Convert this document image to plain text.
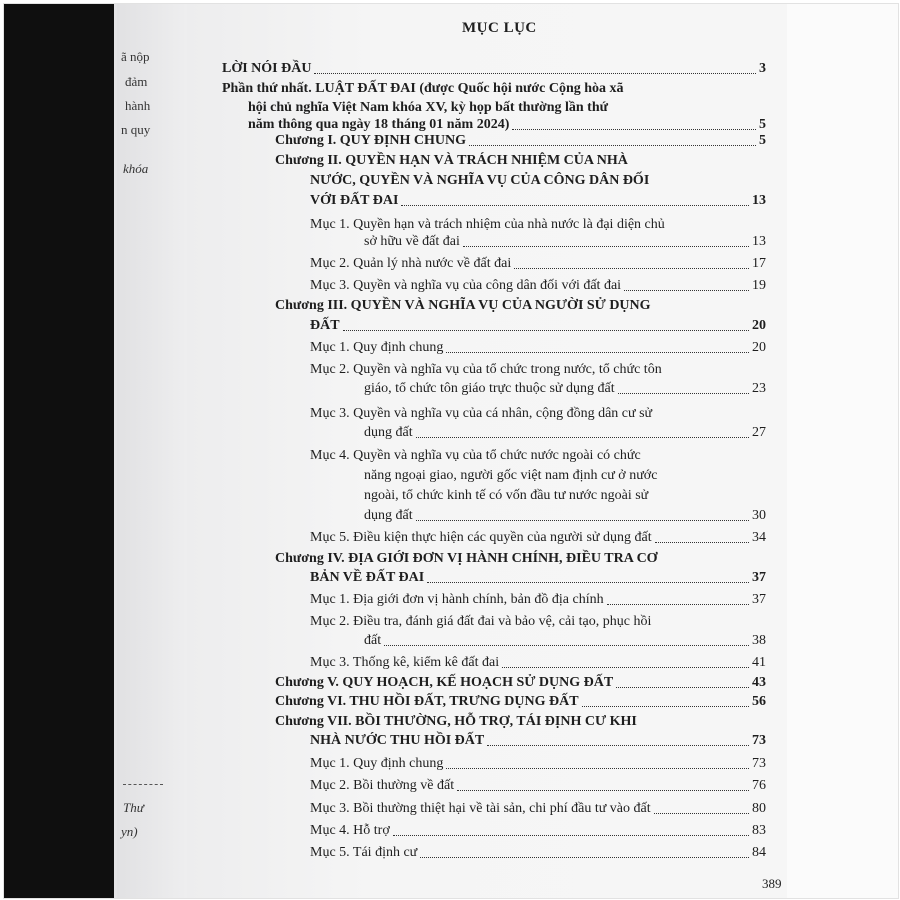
ã nộp
đảm
hành
n quy
khóa
Thư
yn)
MỤC LỤC
LỜI NÓI ĐẦU	3
Phần thứ nhất. LUẬT ĐẤT ĐAI (được Quốc hội nước Cộng hòa xã
hội chủ nghĩa Việt Nam khóa XV, kỳ họp bất thường lần thứ
năm thông qua ngày 18 tháng 01 năm 2024)	5
Chương I. QUY ĐỊNH CHUNG	5
Chương II. QUYỀN HẠN VÀ TRÁCH NHIỆM CỦA NHÀ
NƯỚC, QUYỀN VÀ NGHĨA VỤ CỦA CÔNG DÂN ĐỐI
VỚI ĐẤT ĐAI	13
Mục 1. Quyền hạn và trách nhiệm của nhà nước là đại diện chủ
sở hữu về đất đai	13
Mục 2. Quản lý nhà nước về đất đai	17
Mục 3. Quyền và nghĩa vụ của công dân đối với đất đai	19
Chương III. QUYỀN VÀ NGHĨA VỤ CỦA NGƯỜI SỬ DỤNG
ĐẤT	20
Mục 1. Quy định chung	20
Mục 2. Quyền và nghĩa vụ của tổ chức trong nước, tổ chức tôn
giáo, tổ chức tôn giáo trực thuộc sử dụng đất	23
Mục 3. Quyền và nghĩa vụ của cá nhân, cộng đồng dân cư sử
dụng đất	27
Mục 4. Quyền và nghĩa vụ của tổ chức nước ngoài có chức
năng ngoại giao, người gốc việt nam định cư ở nước
ngoài, tổ chức kinh tế có vốn đầu tư nước ngoài sử
dụng đất	30
Mục 5. Điều kiện thực hiện các quyền của người sử dụng đất	34
Chương IV. ĐỊA GIỚI ĐƠN VỊ HÀNH CHÍNH, ĐIỀU TRA CƠ
BẢN VỀ ĐẤT ĐAI	37
Mục 1. Địa giới đơn vị hành chính, bản đồ địa chính	37
Mục 2. Điều tra, đánh giá đất đai và bảo vệ, cải tạo, phục hồi
đất	38
Mục 3. Thống kê, kiểm kê đất đai	41
Chương V. QUY HOẠCH, KẾ HOẠCH SỬ DỤNG ĐẤT	43
Chương VI. THU HỒI ĐẤT, TRƯNG DỤNG ĐẤT	56
Chương VII. BỒI THƯỜNG, HỖ TRỢ, TÁI ĐỊNH CƯ KHI
NHÀ NƯỚC THU HỒI ĐẤT	73
Mục 1. Quy định chung	73
Mục 2. Bồi thường về đất	76
Mục 3. Bồi thường thiệt hại về tài sản, chi phí đầu tư vào đất	80
Mục 4. Hỗ trợ	83
Mục 5. Tái định cư	84
389
